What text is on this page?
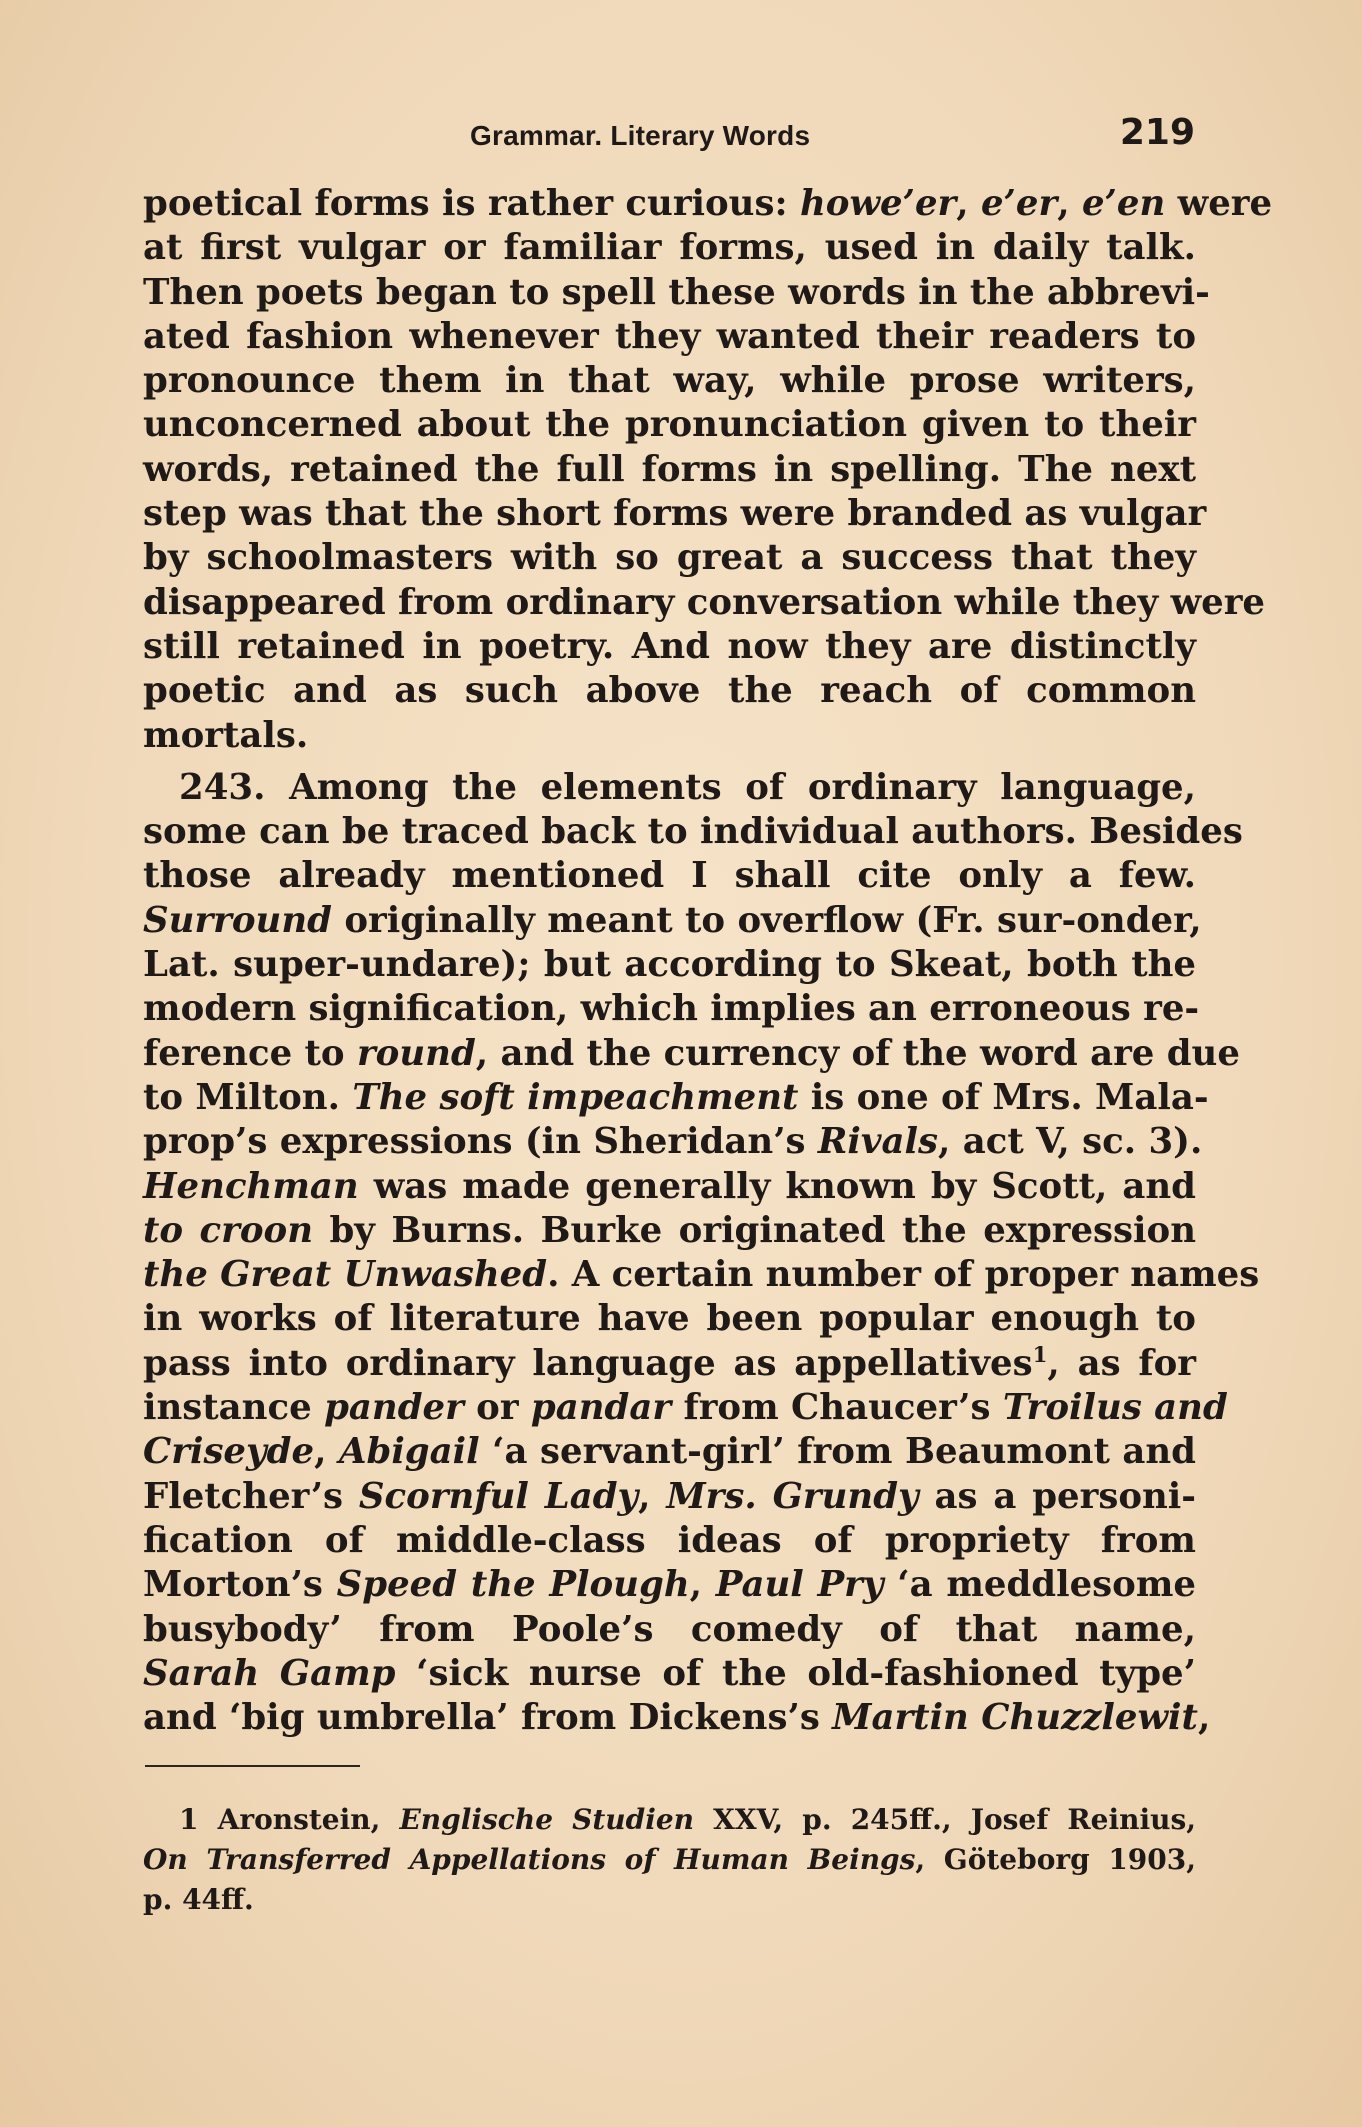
Grammar. Literary Words	219
poetical forms is rather curious: howe’er, e’er, e’en were
at first vulgar or familiar forms, used in daily talk.
Then poets began to spell these words in the abbrevi-
ated fashion whenever they wanted their readers to
pronounce them in that way, while prose writers,
unconcerned about the pronunciation given to their
words, retained the full forms in spelling. The next
step was that the short forms were branded as vulgar
by schoolmasters with so great a success that they
disappeared from ordinary conversation while they were
still retained in poetry. And now they are distinctly
poetic and as such above the reach of common
mortals.
243. Among the elements of ordinary language,
some can be traced back to individual authors. Besides
those already mentioned I shall cite only a few.
Surround originally meant to overflow (Fr. sur-onder,
Lat. super-undare); but according to Skeat, both the
modern signification, which implies an erroneous re-
ference to round, and the currency of the word are due
to Milton. The soft impeachment is one of Mrs. Mala-
prop’s expressions (in Sheridan’s Rivals, act V, sc. 3).
Henchman was made generally known by Scott, and
to croon by Burns. Burke originated the expression
the Great Unwashed. A certain number of proper names
in works of literature have been popular enough to
pass into ordinary language as appellatives$^1$, as for
instance pander or pandar from Chaucer’s Troilus and
Criseyde, Abigail ‘a servant-girl’ from Beaumont and
Fletcher’s Scornful Lady, Mrs. Grundy as a personi-
fication of middle-class ideas of propriety from
Morton’s Speed the Plough, Paul Pry ‘a meddlesome
busybody’ from Poole’s comedy of that name,
Sarah Gamp ‘sick nurse of the old-fashioned type’
and ‘big umbrella’ from Dickens’s Martin Chuzzlewit,
1 Aronstein, Englische Studien XXV, p. 245ff., Josef Reinius,
On Transferred Appellations of Human Beings, Göteborg 1903,
p. 44ff.
